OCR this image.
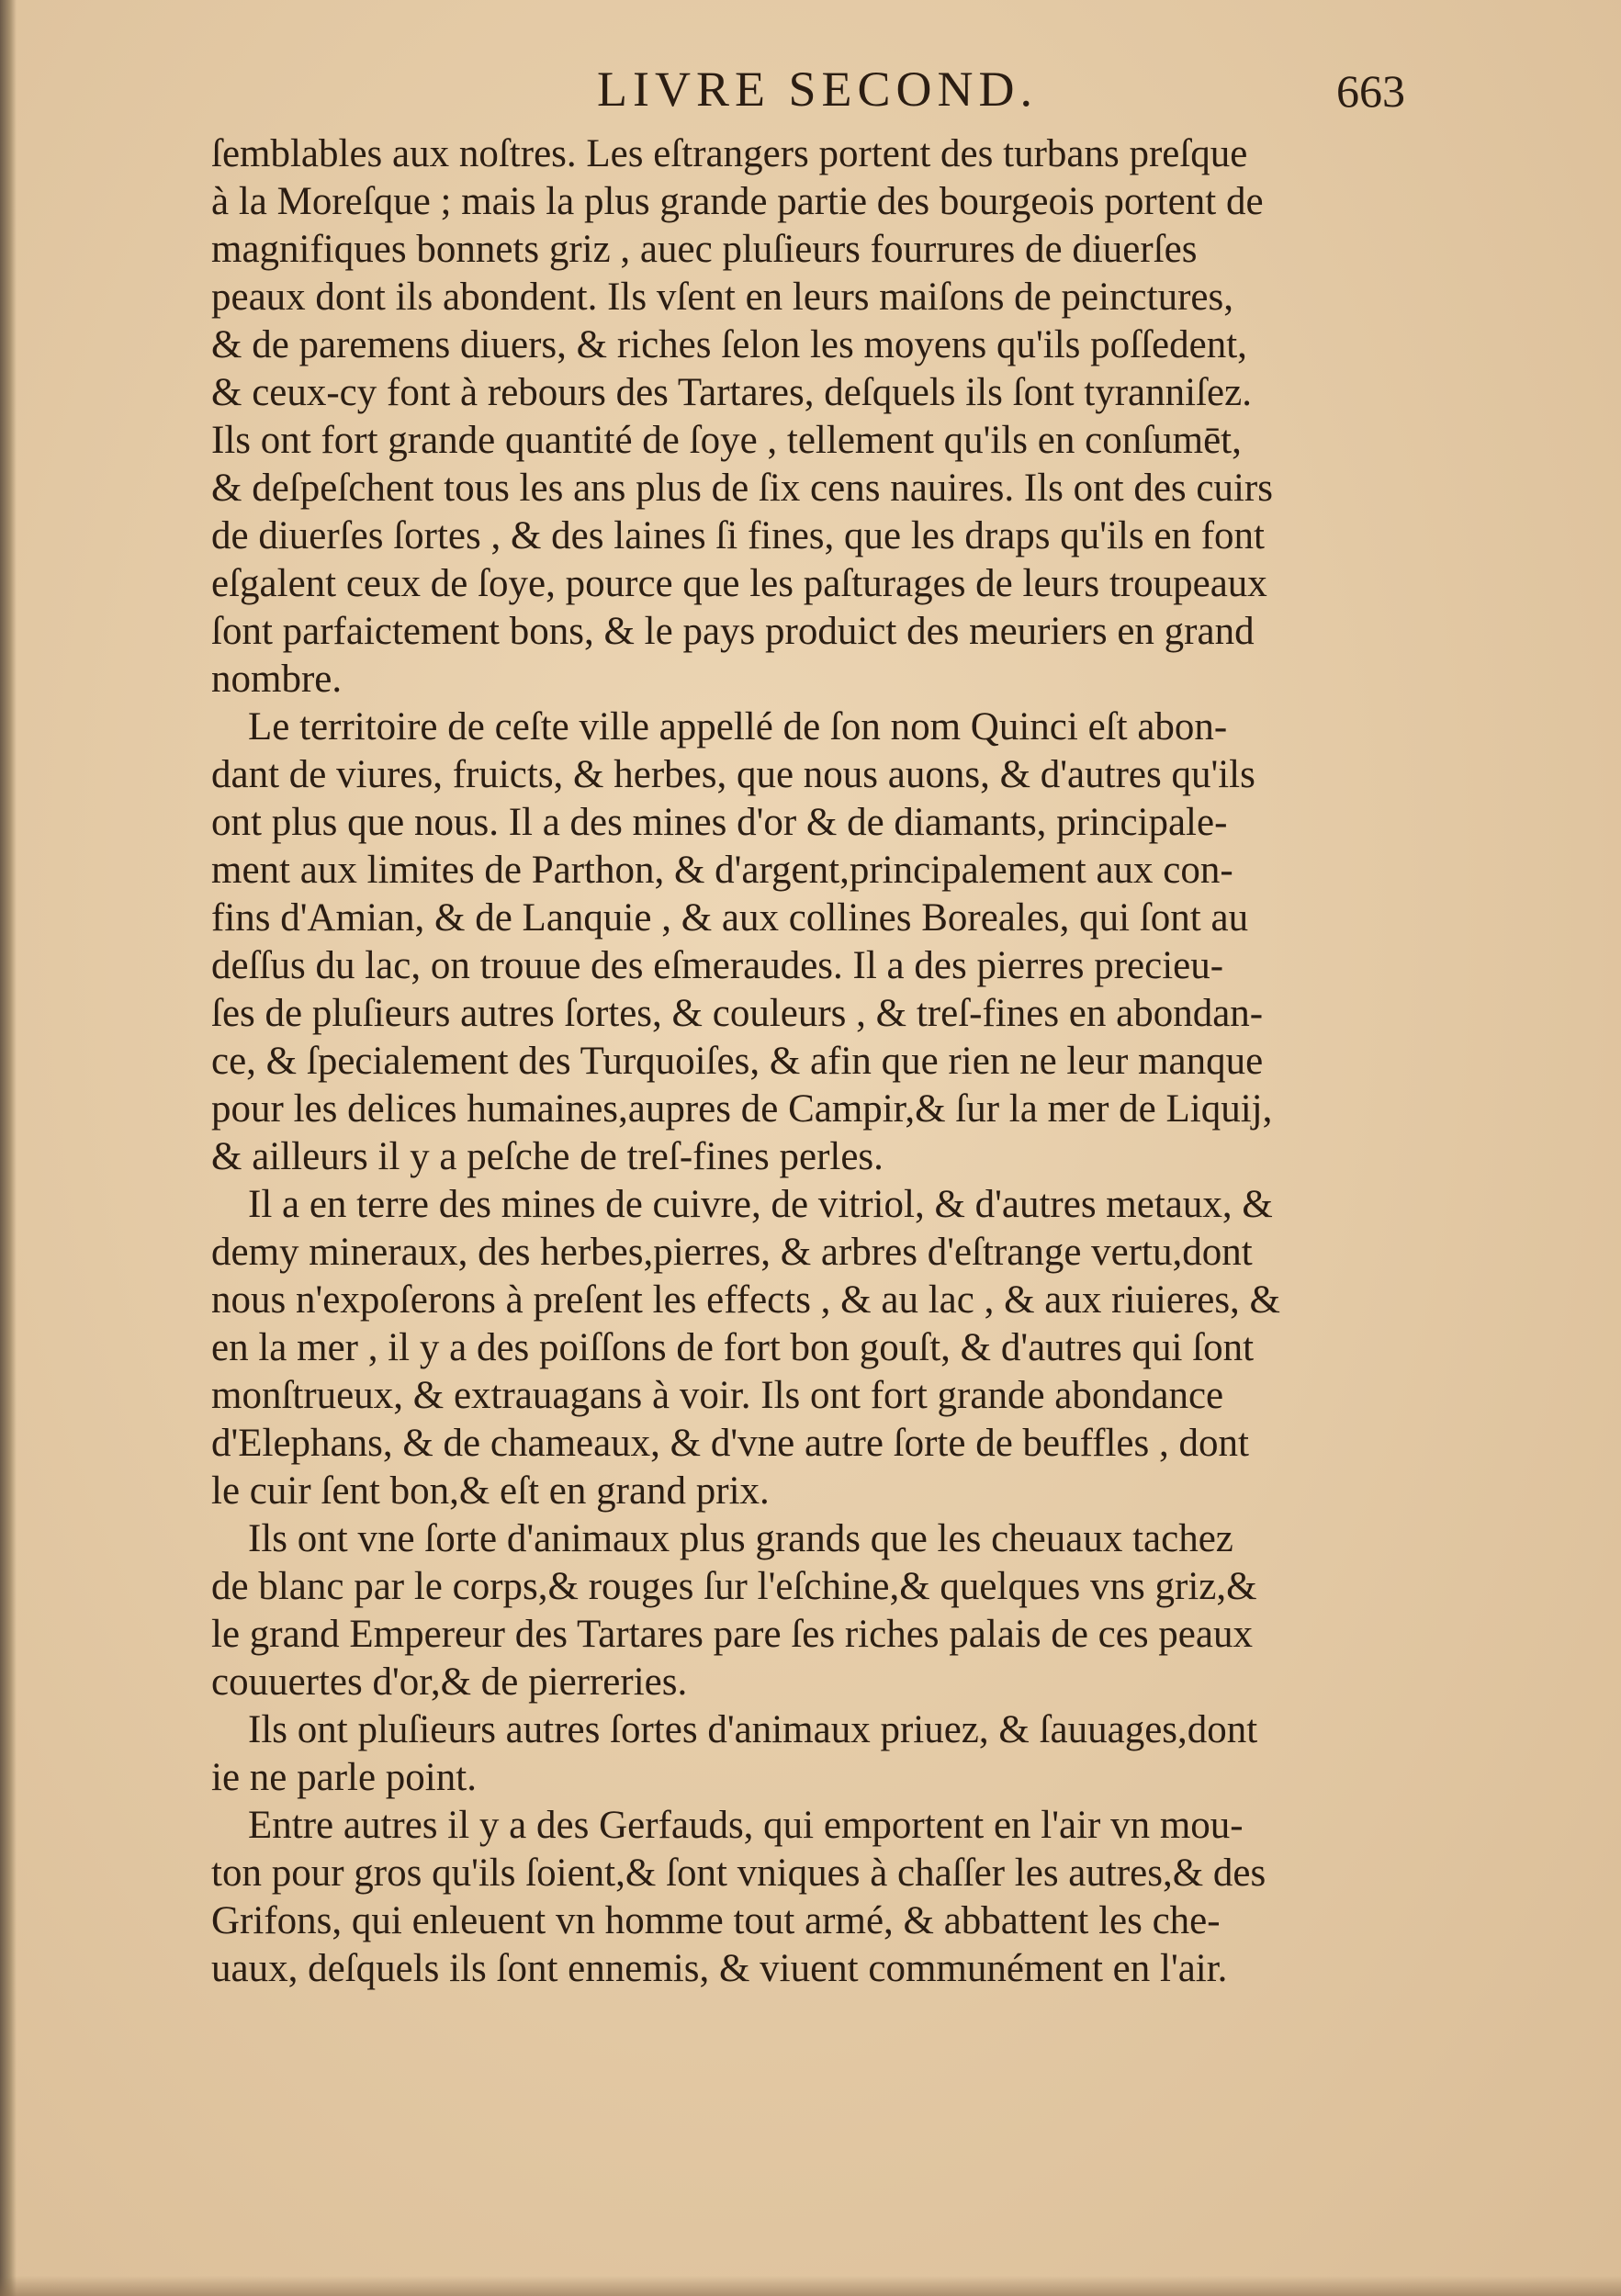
LIVRE SECOND.	663
ſemblables aux noſtres. Les eſtrangers portent des turbans preſque
à la Moreſque ; mais la plus grande partie des bourgeois portent de
magnifiques bonnets griz , auec pluſieurs fourrures de diuerſes
peaux dont ils abondent. Ils vſent en leurs maiſons de peinctures,
& de paremens diuers, & riches ſelon les moyens qu'ils poſſedent,
& ceux-cy font à rebours des Tartares, deſquels ils ſont tyranniſez.
Ils ont fort grande quantité de ſoye , tellement qu'ils en conſumēt,
& deſpeſchent tous les ans plus de ſix cens nauires. Ils ont des cuirs
de diuerſes ſortes , & des laines ſi fines, que les draps qu'ils en font
eſgalent ceux de ſoye, pource que les paſturages de leurs troupeaux
ſont parfaictement bons, & le pays produict des meuriers en grand
nombre.
Le territoire de ceſte ville appellé de ſon nom Quinci eſt abon-
dant de viures, fruicts, & herbes, que nous auons, & d'autres qu'ils
ont plus que nous. Il a des mines d'or & de diamants, principale-
ment aux limites de Parthon, & d'argent,principalement aux con-
fins d'Amian, & de Lanquie , & aux collines Boreales, qui ſont au
deſſus du lac, on trouue des eſmeraudes. Il a des pierres precieu-
ſes de pluſieurs autres ſortes, & couleurs , & treſ-fines en abondan-
ce, & ſpecialement des Turquoiſes, & afin que rien ne leur manque
pour les delices humaines,aupres de Campir,& ſur la mer de Liquij,
& ailleurs il y a peſche de treſ-fines perles.
Il a en terre des mines de cuivre, de vitriol, & d'autres metaux, &
demy mineraux, des herbes,pierres, & arbres d'eſtrange vertu,dont
nous n'expoſerons à preſent les effects , & au lac , & aux riuieres, &
en la mer , il y a des poiſſons de fort bon gouſt, & d'autres qui ſont
monſtrueux, & extrauagans à voir. Ils ont fort grande abondance
d'Elephans, & de chameaux, & d'vne autre ſorte de beuffles , dont
le cuir ſent bon,& eſt en grand prix.
Ils ont vne ſorte d'animaux plus grands que les cheuaux tachez
de blanc par le corps,& rouges ſur l'eſchine,& quelques vns griz,&
le grand Empereur des Tartares pare ſes riches palais de ces peaux
couuertes d'or,& de pierreries.
Ils ont pluſieurs autres ſortes d'animaux priuez, & ſauuages,dont
ie ne parle point.
Entre autres il y a des Gerfauds, qui emportent en l'air vn mou-
ton pour gros qu'ils ſoient,& ſont vniques à chaſſer les autres,& des
Grifons, qui enleuent vn homme tout armé, & abbattent les che-
uaux, deſquels ils ſont ennemis, & viuent communément en l'air.
